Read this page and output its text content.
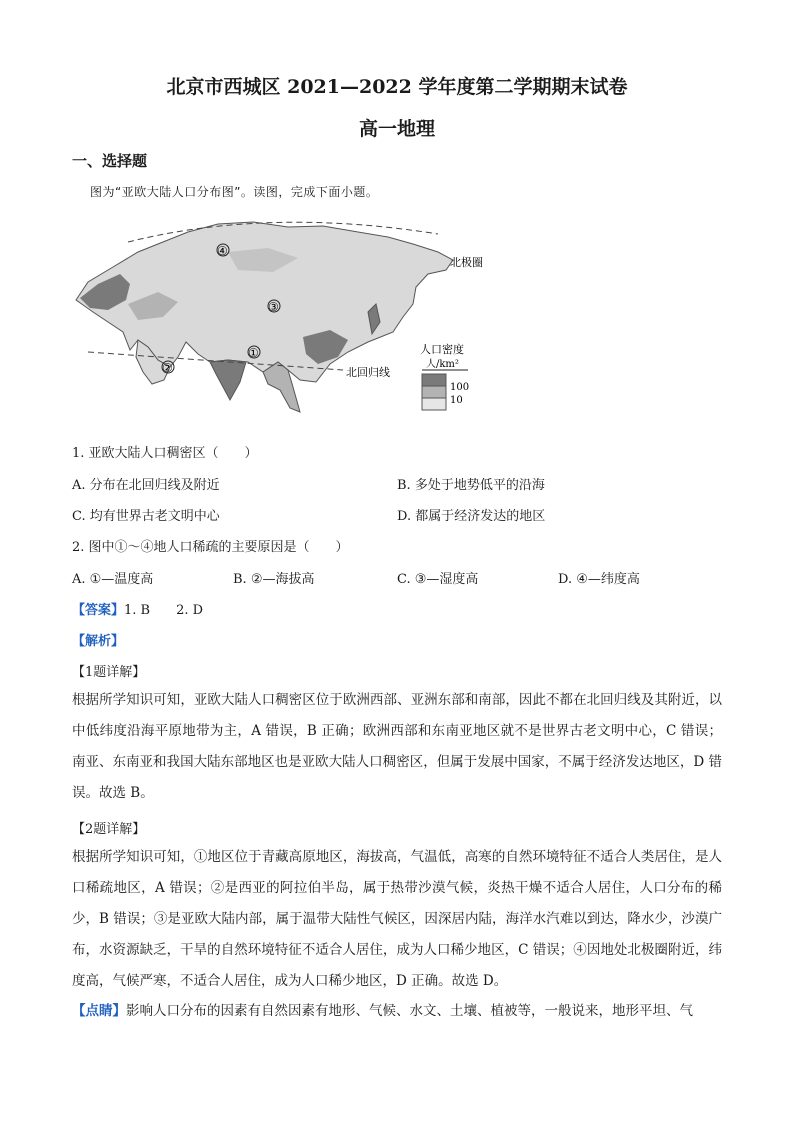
北京市西城区 2021—2022 学年度第二学期期末试卷
高一地理
一、选择题
图为“亚欧大陆人口分布图”。读图，完成下面小题。
①
②
③
④
北极圈
北回归线
人口密度
人/km²
100
10
1. 亚欧大陆人口稠密区（　　）
A. 分布在北回归线及附近	B. 多处于地势低平的沿海
C. 均有世界古老文明中心	D. 都属于经济发达的地区
2. 图中①～④地人口稀疏的主要原因是（　　）
A. ①—温度高	B. ②—海拔高	C. ③—湿度高	D. ④—纬度高
【答案】1. B　　2. D
【解析】
【1题详解】
根据所学知识可知，亚欧大陆人口稠密区位于欧洲西部、亚洲东部和南部，因此不都在北回归线及其附近，以中低纬度沿海平原地带为主，A 错误，B 正确；欧洲西部和东南亚地区就不是世界古老文明中心，C 错误；南亚、东南亚和我国大陆东部地区也是亚欧大陆人口稠密区，但属于发展中国家，不属于经济发达地区，D 错误。故选 B。
【2题详解】
根据所学知识可知，①地区位于青藏高原地区，海拔高，气温低，高寒的自然环境特征不适合人类居住，是人口稀疏地区，A 错误；②是西亚的阿拉伯半岛，属于热带沙漠气候，炎热干燥不适合人居住，人口分布的稀少，B 错误；③是亚欧大陆内部，属于温带大陆性气候区，因深居内陆，海洋水汽难以到达，降水少，沙漠广布，水资源缺乏，干旱的自然环境特征不适合人居住，成为人口稀少地区，C 错误；④因地处北极圈附近，纬度高，气候严寒，不适合人居住，成为人口稀少地区，D 正确。故选 D。
【点睛】影响人口分布的因素有自然因素有地形、气候、水文、土壤、植被等，一般说来，地形平坦、气
